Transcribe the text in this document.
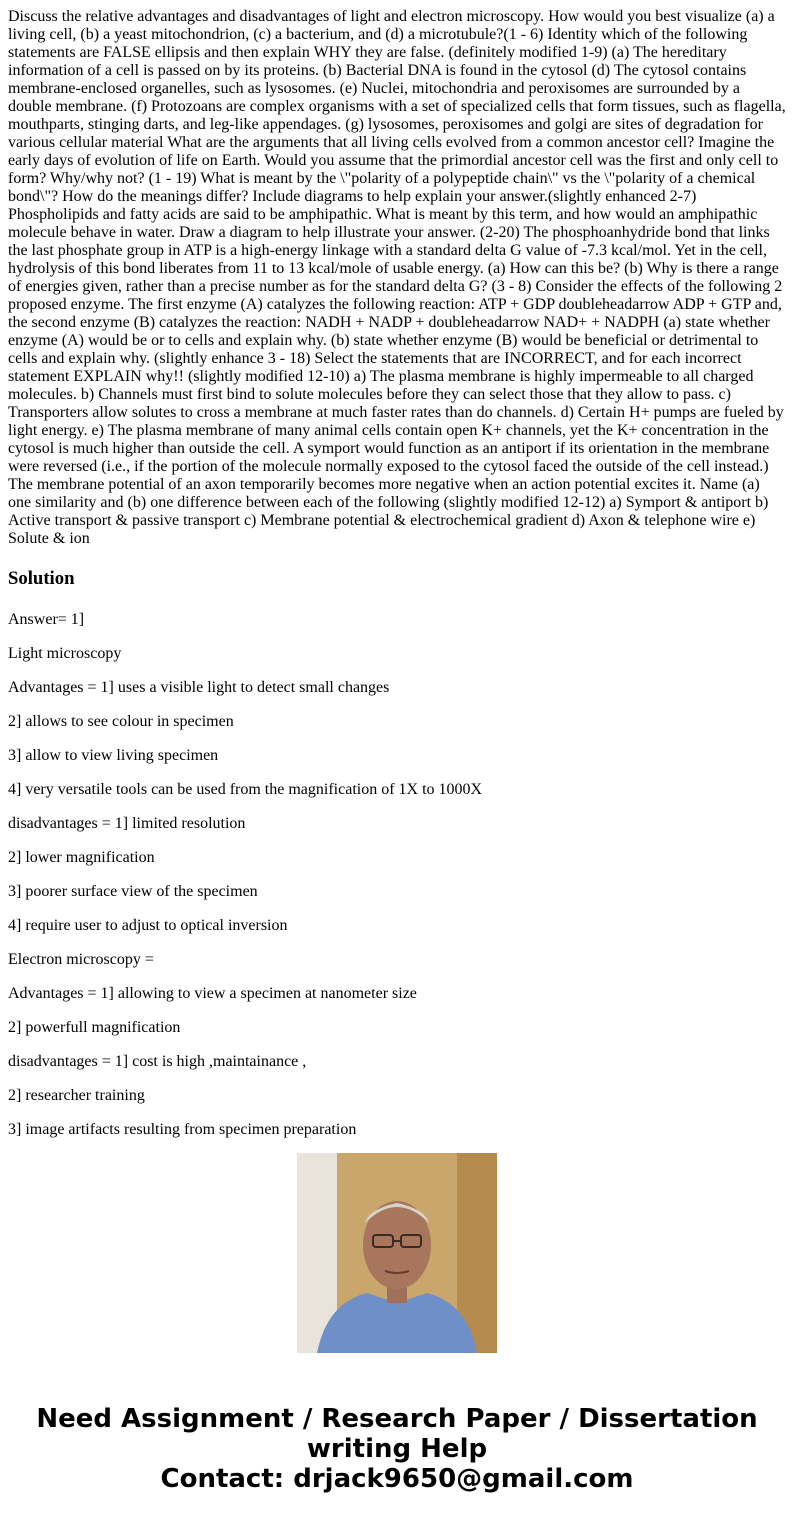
Discuss the relative advantages and disadvantages of light and electron microscopy. How would you best visualize (a) a living cell, (b) a yeast mitochondrion, (c) a bacterium, and (d) a microtubule?(1 - 6) Identity which of the following statements are FALSE ellipsis and then explain WHY they are false. (definitely modified 1-9) (a) The hereditary information of a cell is passed on by its proteins. (b) Bacterial DNA is found in the cytosol (d) The cytosol contains membrane-enclosed organelles, such as lysosomes. (e) Nuclei, mitochondria and peroxisomes are surrounded by a double membrane. (f) Protozoans are complex organisms with a set of specialized cells that form tissues, such as flagella, mouthparts, stinging darts, and leg-like appendages. (g) lysosomes, peroxisomes and golgi are sites of degradation for various cellular material What are the arguments that all living cells evolved from a common ancestor cell? Imagine the early days of evolution of life on Earth. Would you assume that the primordial ancestor cell was the first and only cell to form? Why/why not? (1 - 19) What is meant by the \"polarity of a polypeptide chain\" vs the \"polarity of a chemical bond\"? How do the meanings differ? Include diagrams to help explain your answer.(slightly enhanced 2-7) Phospholipids and fatty acids are said to be amphipathic. What is meant by this term, and how would an amphipathic molecule behave in water. Draw a diagram to help illustrate your answer. (2-20) The phosphoanhydride bond that links the last phosphate group in ATP is a high-energy linkage with a standard delta G value of -7.3 kcal/mol. Yet in the cell, hydrolysis of this bond liberates from 11 to 13 kcal/mole of usable energy. (a) How can this be? (b) Why is there a range of energies given, rather than a precise number as for the standard delta G? (3 - 8) Consider the effects of the following 2 proposed enzyme. The first enzyme (A) catalyzes the following reaction: ATP + GDP doubleheadarrow ADP + GTP and, the second enzyme (B) catalyzes the reaction: NADH + NADP + doubleheadarrow NAD+ + NADPH (a) state whether enzyme (A) would be or to cells and explain why. (b) state whether enzyme (B) would be beneficial or detrimental to cells and explain why. (slightly enhance 3 - 18) Select the statements that are INCORRECT, and for each incorrect statement EXPLAIN why!! (slightly modified 12-10) a) The plasma membrane is highly impermeable to all charged molecules. b) Channels must first bind to solute molecules before they can select those that they allow to pass. c) Transporters allow solutes to cross a membrane at much faster rates than do channels. d) Certain H+ pumps are fueled by light energy. e) The plasma membrane of many animal cells contain open K+ channels, yet the K+ concentration in the cytosol is much higher than outside the cell. A symport would function as an antiport if its orientation in the membrane were reversed (i.e., if the portion of the molecule normally exposed to the cytosol faced the outside of the cell instead.) The membrane potential of an axon temporarily becomes more negative when an action potential excites it. Name (a) one similarity and (b) one difference between each of the following (slightly modified 12-12) a) Symport & antiport b) Active transport & passive transport c) Membrane potential & electrochemical gradient d) Axon & telephone wire e) Solute & ion

Solution

Answer= 1]

Light microscopy

Advantages = 1] uses a visible light to detect small changes

2] allows to see colour in specimen

3] allow to view living specimen

4] very versatile tools can be used from the magnification of 1X to 1000X

disadvantages = 1] limited resolution

2] lower magnification

3] poorer surface view of the specimen

4] require user to adjust to optical inversion

Electron microscopy =

Advantages = 1] allowing to view a specimen at nanometer size

2] powerfull magnification

disadvantages = 1] cost is high ,maintainance ,

2] researcher training

3] image artifacts resulting from specimen preparation

Need Assignment / Research Paper / Dissertation
writing Help
Contact: drjack9650@gmail.com
